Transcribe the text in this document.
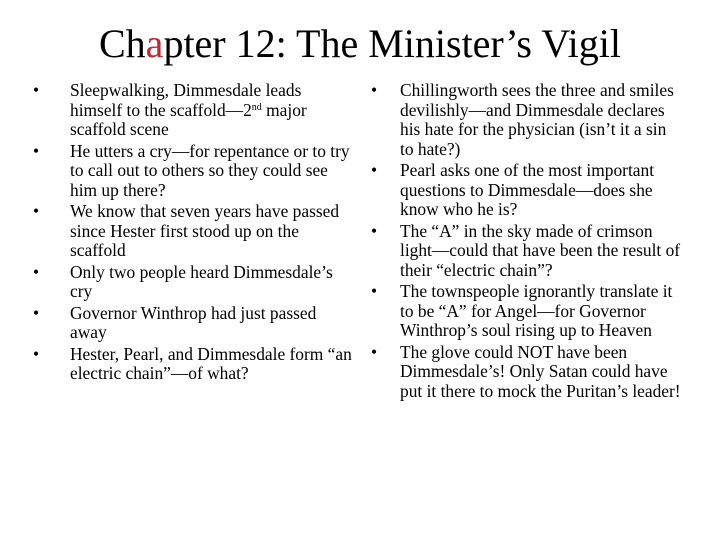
Chapter 12: The Minister’s Vigil
• Sleepwalking, Dimmesdale leads himself to the scaffold—2nd major scaffold scene
• He utters a cry—for repentance or to try to call out to others so they could see him up there?
• We know that seven years have passed since Hester first stood up on the scaffold
• Only two people heard Dimmesdale’s cry
• Governor Winthrop had just passed away
• Hester, Pearl, and Dimmesdale form “an electric chain”—of what?
• Chillingworth sees the three and smiles devilishly—and Dimmesdale declares his hate for the physician (isn’t it a sin to hate?)
• Pearl asks one of the most important questions to Dimmesdale—does she know who he is?
• The “A” in the sky made of crimson light—could that have been the result of their “electric chain”?
• The townspeople ignorantly translate it to be “A” for Angel—for Governor Winthrop’s soul rising up to Heaven
• The glove could NOT have been Dimmesdale’s! Only Satan could have put it there to mock the Puritan’s leader!
